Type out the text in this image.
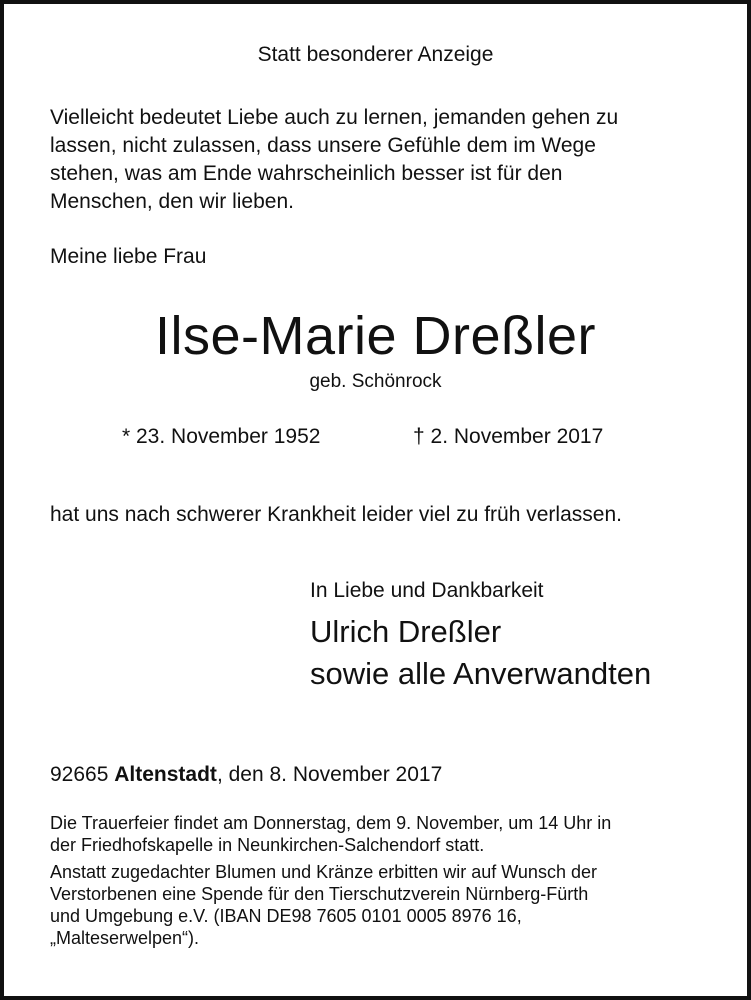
Statt besonderer Anzeige

Vielleicht bedeutet Liebe auch zu lernen, jemanden gehen zu
lassen, nicht zulassen, dass unsere Gefühle dem im Wege
stehen, was am Ende wahrscheinlich besser ist für den
Menschen, den wir lieben.

Meine liebe Frau

Ilse-Marie Dreßler

geb. Schönrock

* 23. November 1952	† 2. November 2017

hat uns nach schwerer Krankheit leider viel zu früh verlassen.

In Liebe und Dankbarkeit

Ulrich Dreßler

sowie alle Anverwandten

92665 Altenstadt, den 8. November 2017

Die Trauerfeier findet am Donnerstag, dem 9. November, um 14 Uhr in
der Friedhofskapelle in Neunkirchen-Salchendorf statt.
Anstatt zugedachter Blumen und Kränze erbitten wir auf Wunsch der
Verstorbenen eine Spende für den Tierschutzverein Nürnberg-Fürth
und Umgebung e.V. (IBAN DE98 7605 0101 0005 8976 16,
„Malteserwelpen“).
